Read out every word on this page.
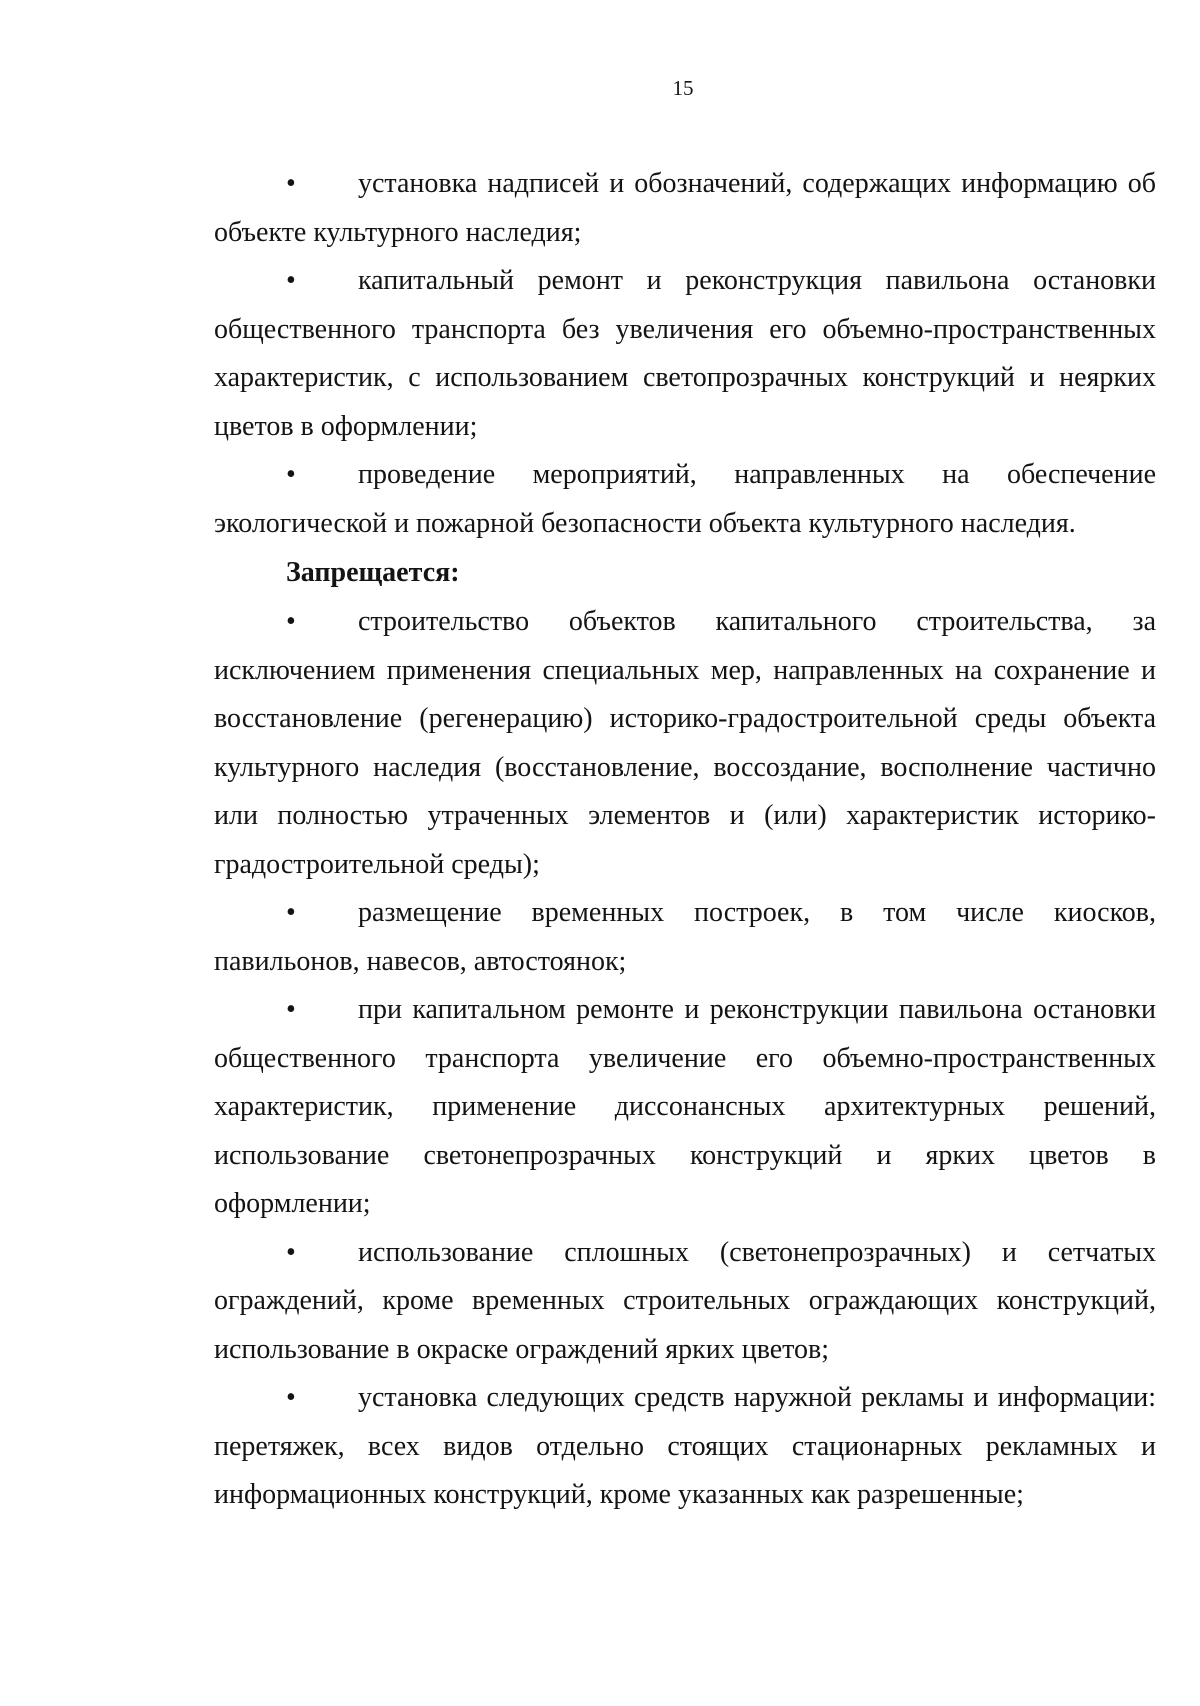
15

• установка надписей и обозначений, содержащих информацию об объекте культурного наследия;

• капитальный ремонт и реконструкция павильона остановки общественного транспорта без увеличения его объемно-пространственных характеристик, с использованием светопрозрачных конструкций и неярких цветов в оформлении;

• проведение мероприятий, направленных на обеспечение экологической и пожарной безопасности объекта культурного наследия.

Запрещается:

• строительство объектов капитального строительства, за исключением применения специальных мер, направленных на сохранение и восстановление (регенерацию) историко-градостроительной среды объекта культурного наследия (восстановление, воссоздание, восполнение частично или полностью утраченных элементов и (или) характеристик историко-градостроительной среды);

• размещение временных построек, в том числе киосков, павильонов, навесов, автостоянок;

• при капитальном ремонте и реконструкции павильона остановки общественного транспорта увеличение его объемно-пространственных характеристик, применение диссонансных архитектурных решений, использование светонепрозрачных конструкций и ярких цветов в оформлении;

• использование сплошных (светонепрозрачных) и сетчатых ограждений, кроме временных строительных ограждающих конструкций, использование в окраске ограждений ярких цветов;

• установка следующих средств наружной рекламы и информации: перетяжек, всех видов отдельно стоящих стационарных рекламных и информационных конструкций, кроме указанных как разрешенные;
